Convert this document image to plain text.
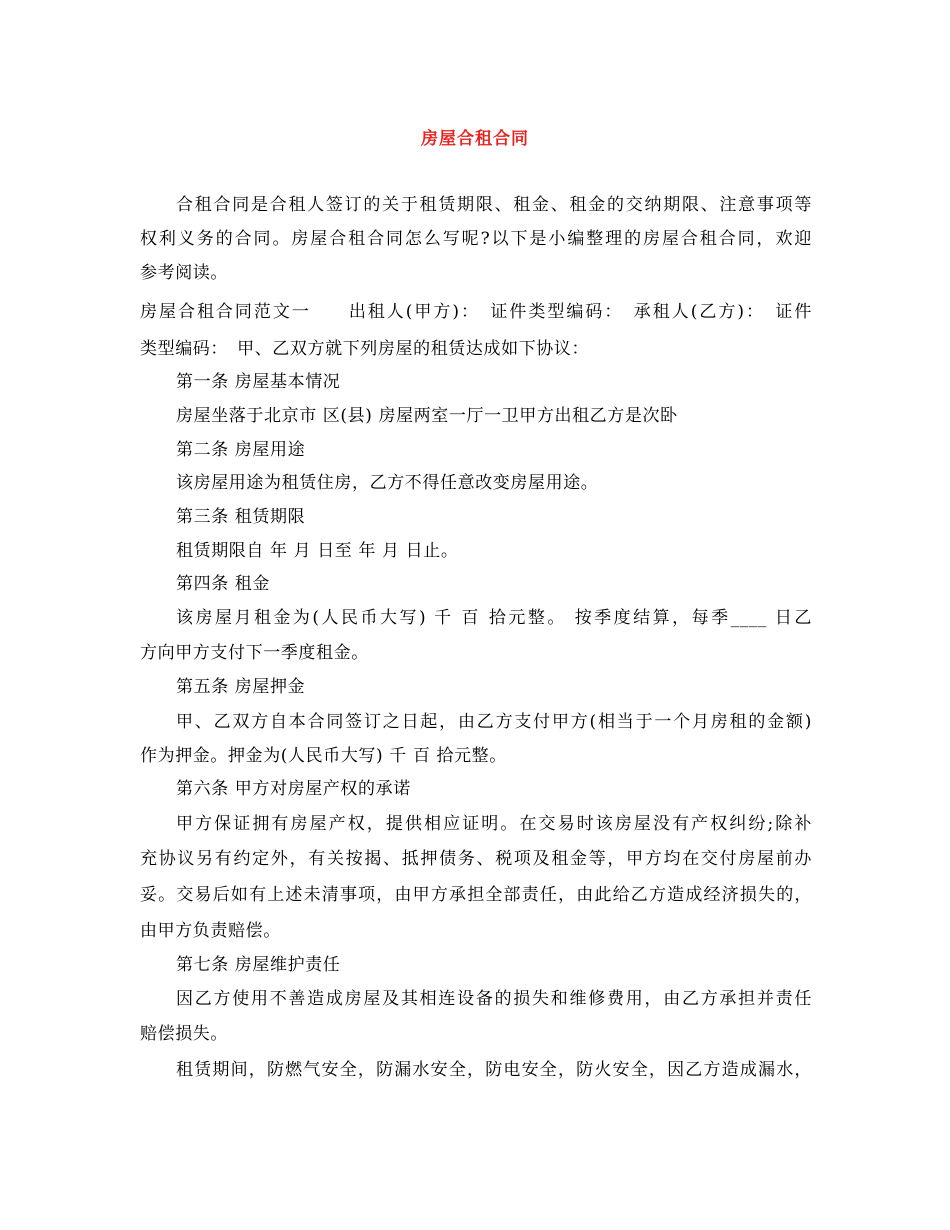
房屋合租合同
合租合同是合租人签订的关于租赁期限、租金、租金的交纳期限、注意事项等
权利义务的合同。房屋合租合同怎么写呢?以下是小编整理的房屋合租合同，欢迎
参考阅读。
房屋合租合同范文一　　出租人(甲方)：　证件类型编码：　承租人(乙方)：　证件
类型编码：　甲、乙双方就下列房屋的租赁达成如下协议：
第一条 房屋基本情况
房屋坐落于北京市 区(县) 房屋两室一厅一卫甲方出租乙方是次卧
第二条 房屋用途
该房屋用途为租赁住房，乙方不得任意改变房屋用途。
第三条 租赁期限
租赁期限自 年 月 日至 年 月 日止。
第四条 租金
该房屋月租金为(人民币大写) 千 百 拾元整。 按季度结算，每季____ 日乙
方向甲方支付下一季度租金。
第五条 房屋押金
甲、乙双方自本合同签订之日起，由乙方支付甲方(相当于一个月房租的金额)
作为押金。押金为(人民币大写) 千 百 拾元整。
第六条 甲方对房屋产权的承诺
甲方保证拥有房屋产权，提供相应证明。在交易时该房屋没有产权纠纷;除补
充协议另有约定外，有关按揭、抵押债务、税项及租金等，甲方均在交付房屋前办
妥。交易后如有上述未清事项，由甲方承担全部责任，由此给乙方造成经济损失的，
由甲方负责赔偿。
第七条 房屋维护责任
因乙方使用不善造成房屋及其相连设备的损失和维修费用，由乙方承担并责任
赔偿损失。
租赁期间，防燃气安全，防漏水安全，防电安全，防火安全，因乙方造成漏水，
